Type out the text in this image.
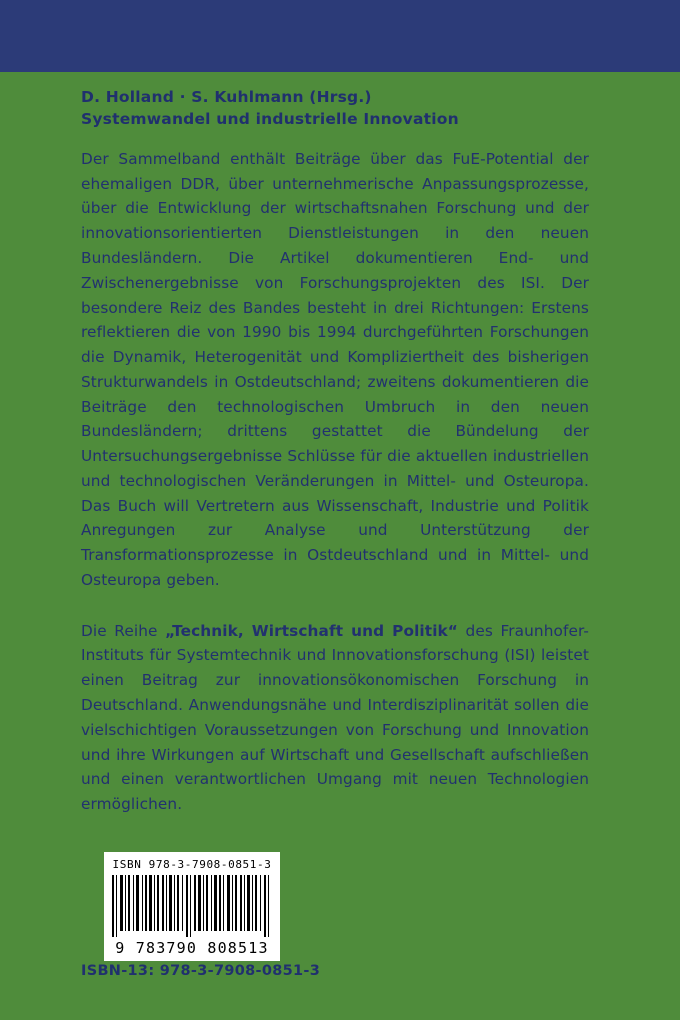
D. Holland · S. Kuhlmann (Hrsg.)
Systemwandel und industrielle Innovation

Der Sammelband enthält Beiträge über das FuE-Potential der ehemaligen DDR, über unternehmerische Anpassungsprozesse, über die Entwicklung der wirtschaftsnahen Forschung und der innovationsorientierten Dienstleistungen in den neuen Bundesländern. Die Artikel dokumentieren End- und Zwischenergebnisse von Forschungsprojekten des ISI. Der besondere Reiz des Bandes besteht in drei Richtungen: Erstens reflektieren die von 1990 bis 1994 durchgeführten Forschungen die Dynamik, Heterogenität und Kompliziertheit des bisherigen Strukturwandels in Ostdeutschland; zweitens dokumentieren die Beiträge den technologischen Umbruch in den neuen Bundesländern; drittens gestattet die Bündelung der Untersuchungsergebnisse Schlüsse für die aktuellen industriellen und technologischen Veränderungen in Mittel- und Osteuropa. Das Buch will Vertretern aus Wissenschaft, Industrie und Politik Anregungen zur Analyse und Unterstützung der Transformationsprozesse in Ostdeutschland und in Mittel- und Osteuropa geben.

Die Reihe „Technik, Wirtschaft und Politik“ des Fraunhofer-Instituts für Systemtechnik und Innovationsforschung (ISI) leistet einen Beitrag zur innovationsökonomischen Forschung in Deutschland. Anwendungsnähe und Interdisziplinarität sollen die vielschichtigen Voraussetzungen von Forschung und Innovation und ihre Wirkungen auf Wirtschaft und Gesellschaft aufschließen und einen verantwortlichen Umgang mit neuen Technologien ermöglichen.

ISBN 978-3-7908-0851-3
9 783790 808513
ISBN-13: 978-3-7908-0851-3
